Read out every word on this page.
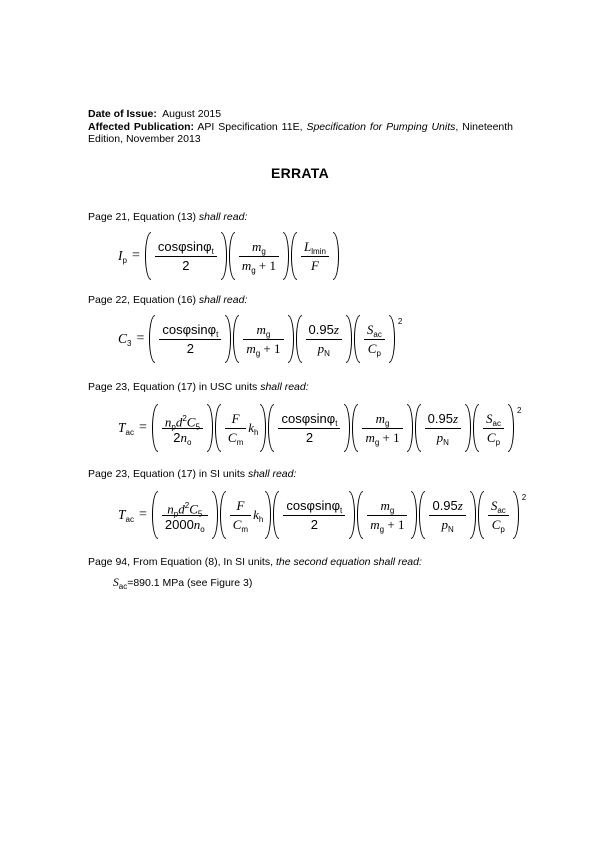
Date of Issue: August 2015
Affected Publication: API Specification 11E, Specification for Pumping Units, Nineteenth Edition, November 2013
ERRATA
Page 21, Equation (13) shall read:
$I_p = \frac{\cos\varphi\sin\varphi_t}{2} \frac{m_g}{m_g + 1} \frac{L_{lmin}}{F}$
Page 22, Equation (16) shall read:
$C_3 = \frac{\cos\varphi\sin\varphi_t}{2} \frac{m_g}{m_g + 1} \frac{0.95z}{p_N} \frac{S_{ac}}{C_p} 2$
Page 23, Equation (17) in USC units shall read:
$T_{ac} = \frac{n_pd^2C_5}{2n_o} \frac{F}{C_m} k_h \frac{\cos\varphi\sin\varphi_t}{2} \frac{m_g}{m_g + 1} \frac{0.95z}{p_N} \frac{S_{ac}}{C_p} 2$
Page 23, Equation (17) in SI units shall read:
$T_{ac} = \frac{n_pd^2C_5}{2000n_o} \frac{F}{C_m} k_h \frac{\cos\varphi\sin\varphi_t}{2} \frac{m_g}{m_g + 1} \frac{0.95z}{p_N} \frac{S_{ac}}{C_p} 2$
Page 94, From Equation (8), In SI units, the second equation shall read:
$S_{ac}=890.1$ MPa (see Figure 3)
